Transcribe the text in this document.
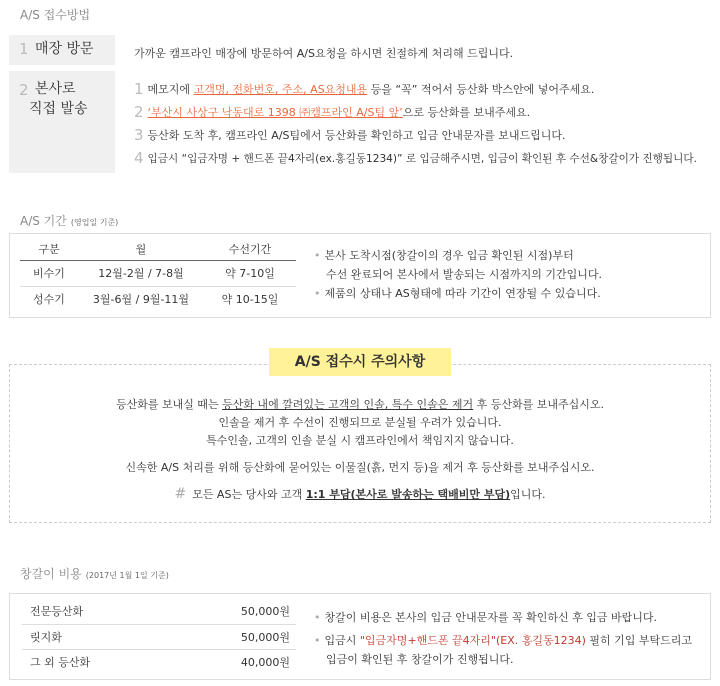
A/S 접수방법
1 매장 방문	가까운 캠프라인 매장에 방문하여 A/S요청을 하시면 친절하게 처리해 드립니다.
2 본사로
직접 발송
1 메모지에 고객명, 전화번호, 주소, AS요청내용 등을 “꼭” 적어서 등산화 박스안에 넣어주세요.
2 ‘부산시 사상구 낙동대로 1398 ㈜캠프라인 A/S팀 앞’으로 등산화를 보내주세요.
3 등산화 도착 후, 캠프라인 A/S팀에서 등산화를 확인하고 입금 안내문자를 보내드립니다.
4 입금시 “입금자명 + 핸드폰 끝4자리(ex.홍길동1234)” 로 입금해주시면, 입금이 확인된 후 수선&창갈이가 진행됩니다.
A/S 기간 (영업일 기준)
구분	월	수선기간
비수기	12월-2월 / 7-8월	약 7-10일
성수기	3월-6월 / 9월-11월	약 10-15일
• 본사 도착시점(창갈이의 경우 입금 확인된 시점)부터
수선 완료되어 본사에서 발송되는 시점까지의 기간입니다.
• 제품의 상태나 AS형태에 따라 기간이 연장될 수 있습니다.
A/S 접수시 주의사항
등산화를 보내실 때는 등산화 내에 깔려있는 고객의 인솔, 특수 인솔은 제거 후 등산화를 보내주십시오.
인솔을 제거 후 수선이 진행되므로 분실될 우려가 있습니다.
특수인솔, 고객의 인솔 분실 시 캠프라인에서 책임지지 않습니다.
신속한 A/S 처리를 위해 등산화에 묻어있는 이물질(흙, 먼지 등)을 제거 후 등산화를 보내주십시오.
# 모든 AS는 당사와 고객 1:1 부담(본사로 발송하는 택배비만 부담)입니다.
창갈이 비용 (2017년 1월 1일 기준)
전문등산화	50,000원
릿지화	50,000원
그 외 등산화	40,000원
• 창갈이 비용은 본사의 입금 안내문자를 꼭 확인하신 후 입금 바랍니다.
• 입금시 "입금자명+핸드폰 끝4자리"(EX. 홍길동1234) 필히 기입 부탁드리고
입금이 확인된 후 창갈이가 진행됩니다.
